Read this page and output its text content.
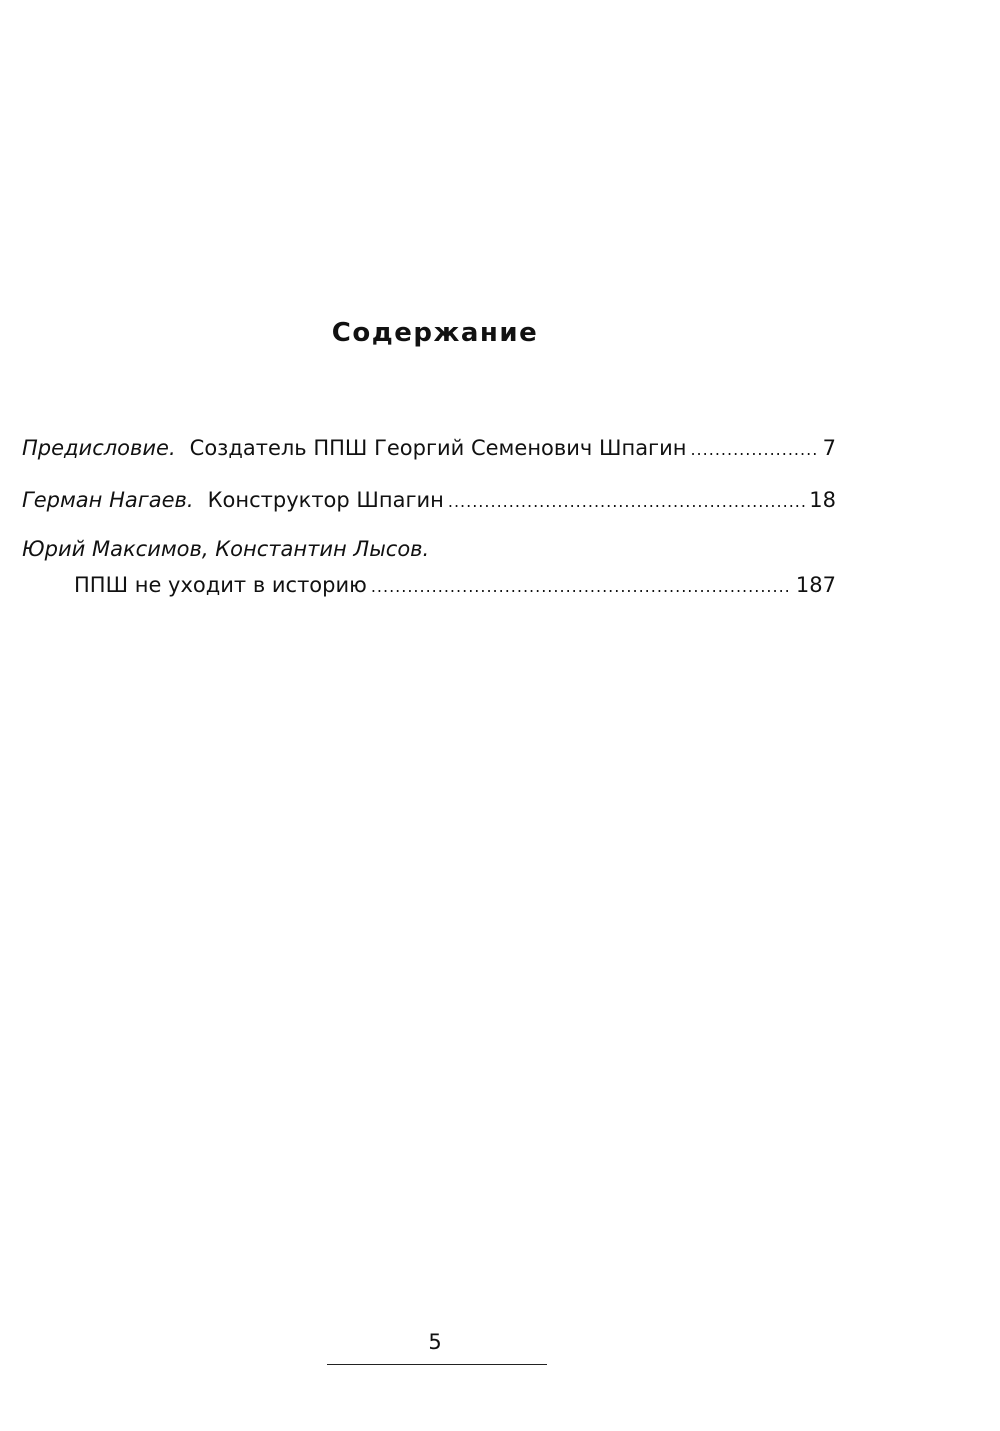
Содержание
Предисловие. Создатель ППШ Георгий Семенович Шпагин .....	7
Герман Нагаев. Конструктор Шпагин .....	18
Юрий Максимов, Константин Лысов.
ППШ не уходит в историю .....	187
5
